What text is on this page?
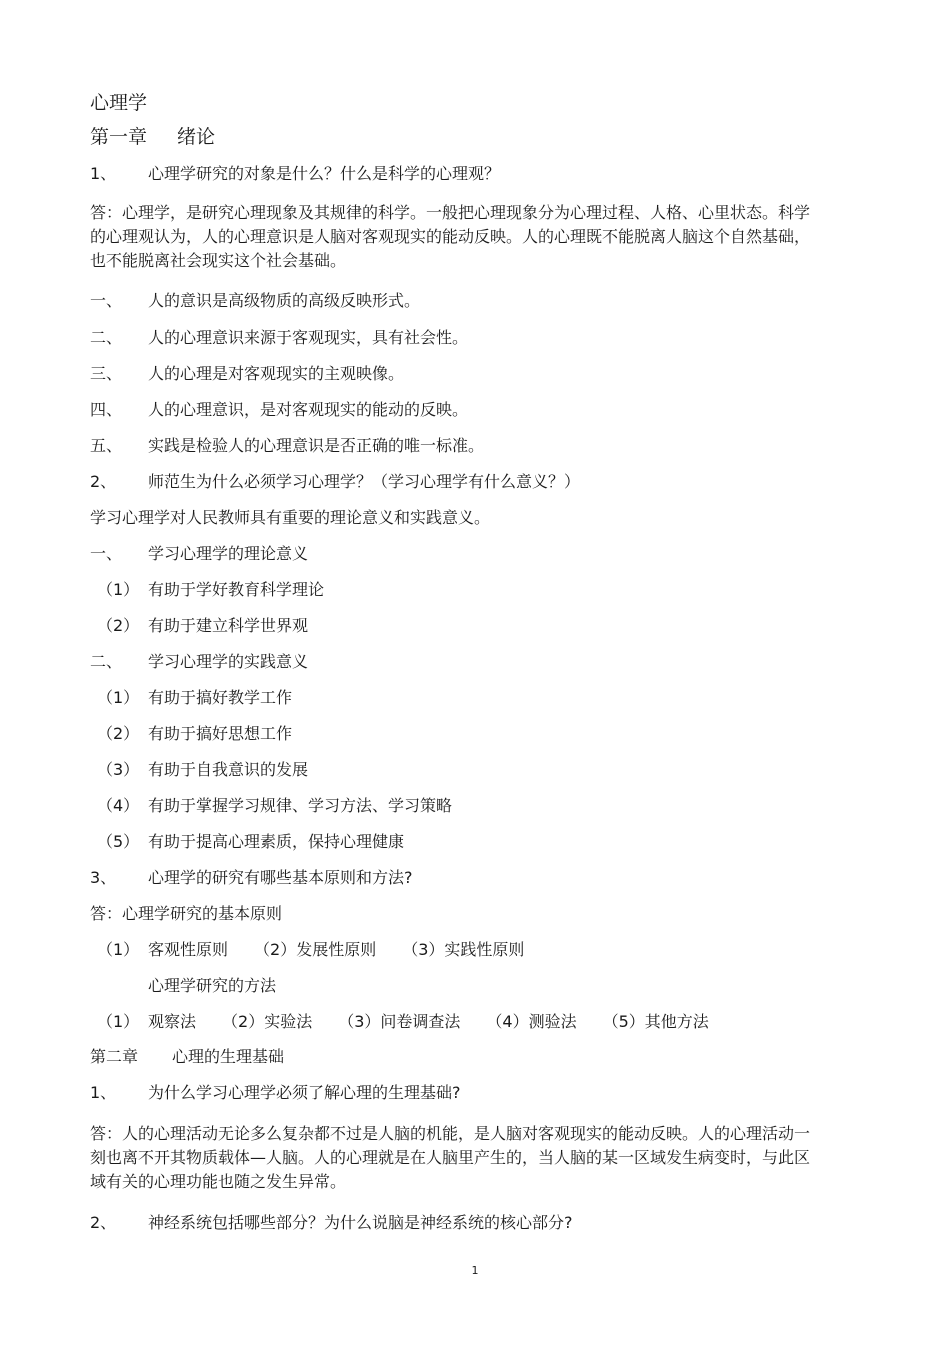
心理学
第一章 绪论
1、 心理学研究的对象是什么？什么是科学的心理观？
答：心理学，是研究心理现象及其规律的科学。一般把心理现象分为心理过程、人格、心里状态。科学的心理观认为，人的心理意识是人脑对客观现实的能动反映。人的心理既不能脱离人脑这个自然基础，也不能脱离社会现实这个社会基础。
一、 人的意识是高级物质的高级反映形式。
二、 人的心理意识来源于客观现实，具有社会性。
三、 人的心理是对客观现实的主观映像。
四、 人的心理意识，是对客观现实的能动的反映。
五、 实践是检验人的心理意识是否正确的唯一标准。
2、 师范生为什么必须学习心理学？（学习心理学有什么意义？）
学习心理学对人民教师具有重要的理论意义和实践意义。
一、 学习心理学的理论意义
（1） 有助于学好教育科学理论
（2） 有助于建立科学世界观
二、 学习心理学的实践意义
（1） 有助于搞好教学工作
（2） 有助于搞好思想工作
（3） 有助于自我意识的发展
（4） 有助于掌握学习规律、学习方法、学习策略
（5） 有助于提高心理素质，保持心理健康
3、 心理学的研究有哪些基本原则和方法?
答：心理学研究的基本原则
（1） 客观性原则 （2）发展性原则 （3）实践性原则
心理学研究的方法
（1） 观察法 （2）实验法 （3）问卷调查法 （4）测验法 （5）其他方法
第二章 心理的生理基础
1、 为什么学习心理学必须了解心理的生理基础?
答：人的心理活动无论多么复杂都不过是人脑的机能，是人脑对客观现实的能动反映。人的心理活动一刻也离不开其物质载体—人脑。人的心理就是在人脑里产生的，当人脑的某一区域发生病变时，与此区域有关的心理功能也随之发生异常。
2、 神经系统包括哪些部分？为什么说脑是神经系统的核心部分?
1
